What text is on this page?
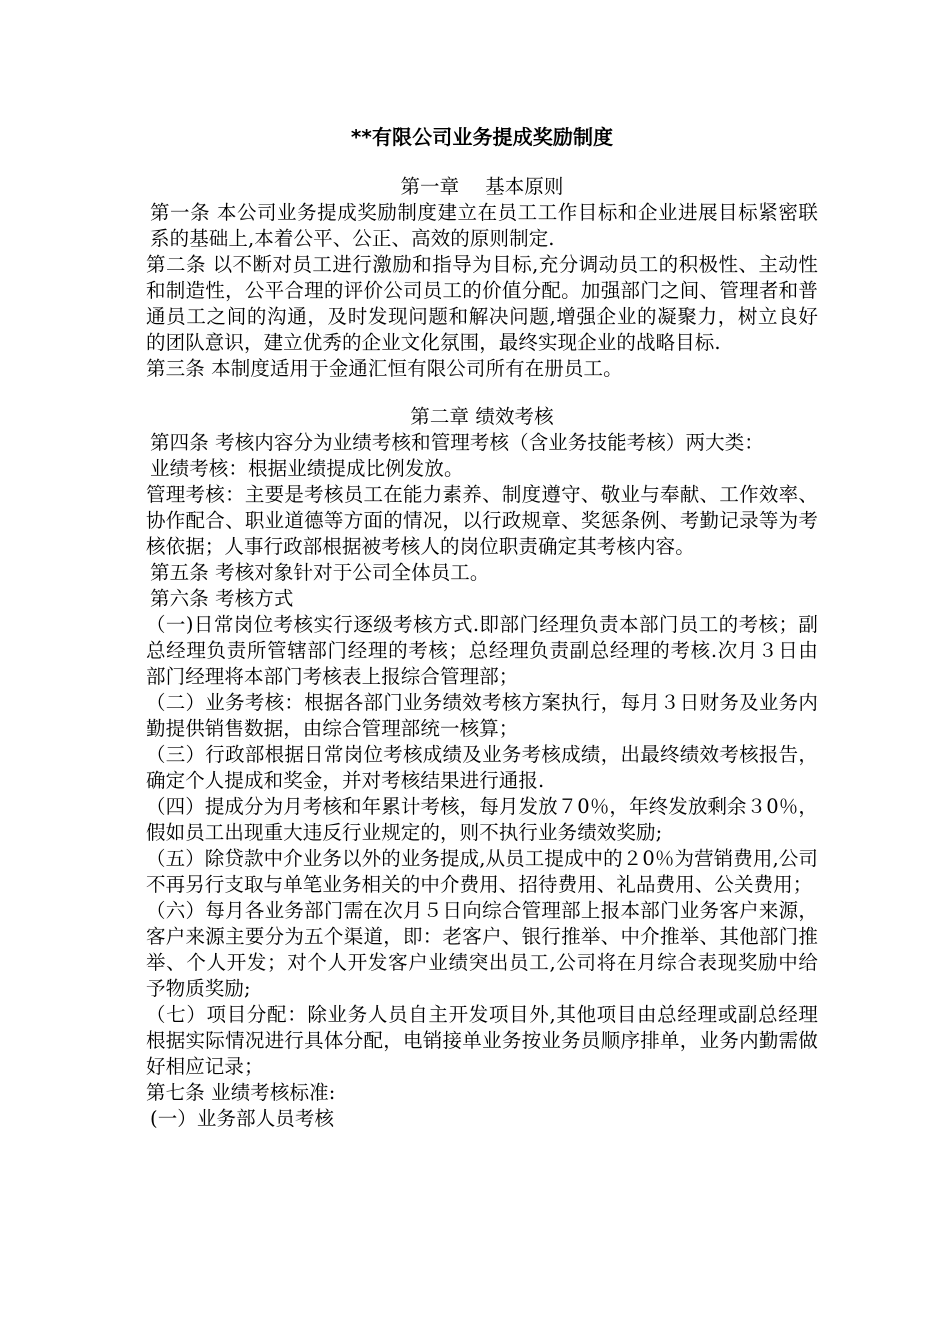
**有限公司业务提成奖励制度
第一章　 基本原则

第一条 本公司业务提成奖励制度建立在员工工作目标和企业进展目标紧密联系的基础上,本着公平、公正、高效的原则制定.

第二条 以不断对员工进行激励和指导为目标,充分调动员工的积极性、主动性和制造性，公平合理的评价公司员工的价值分配。加强部门之间、管理者和普通员工之间的沟通，及时发现问题和解决问题,增强企业的凝聚力，树立良好的团队意识，建立优秀的企业文化氛围，最终实现企业的战略目标.

第三条 本制度适用于金通汇恒有限公司所有在册员工。

第二章 绩效考核

第四条 考核内容分为业绩考核和管理考核（含业务技能考核）两大类：

业绩考核：根据业绩提成比例发放。

管理考核：主要是考核员工在能力素养、制度遵守、敬业与奉献、工作效率、协作配合、职业道德等方面的情况，以行政规章、奖惩条例、考勤记录等为考核依据；人事行政部根据被考核人的岗位职责确定其考核内容。

第五条 考核对象针对于公司全体员工。

第六条 考核方式

（一)日常岗位考核实行逐级考核方式.即部门经理负责本部门员工的考核；副总经理负责所管辖部门经理的考核；总经理负责副总经理的考核.次月３日由部门经理将本部门考核表上报综合管理部；

（二）业务考核：根据各部门业务绩效考核方案执行，每月３日财务及业务内勤提供销售数据，由综合管理部统一核算；

（三）行政部根据日常岗位考核成绩及业务考核成绩，出最终绩效考核报告，确定个人提成和奖金，并对考核结果进行通报.

（四）提成分为月考核和年累计考核，每月发放７0％，年终发放剩余３0％，假如员工出现重大违反行业规定的，则不执行业务绩效奖励;

（五）除贷款中介业务以外的业务提成,从员工提成中的２0％为营销费用,公司不再另行支取与单笔业务相关的中介费用、招待费用、礼品费用、公关费用；

（六）每月各业务部门需在次月５日向综合管理部上报本部门业务客户来源，客户来源主要分为五个渠道，即：老客户、银行推举、中介推举、其他部门推举、个人开发；对个人开发客户业绩突出员工,公司将在月综合表现奖励中给予物质奖励;

（七）项目分配：除业务人员自主开发项目外,其他项目由总经理或副总经理根据实际情况进行具体分配，电销接单业务按业务员顺序排单，业务内勤需做好相应记录；

第七条 业绩考核标准:

(一）业务部人员考核
